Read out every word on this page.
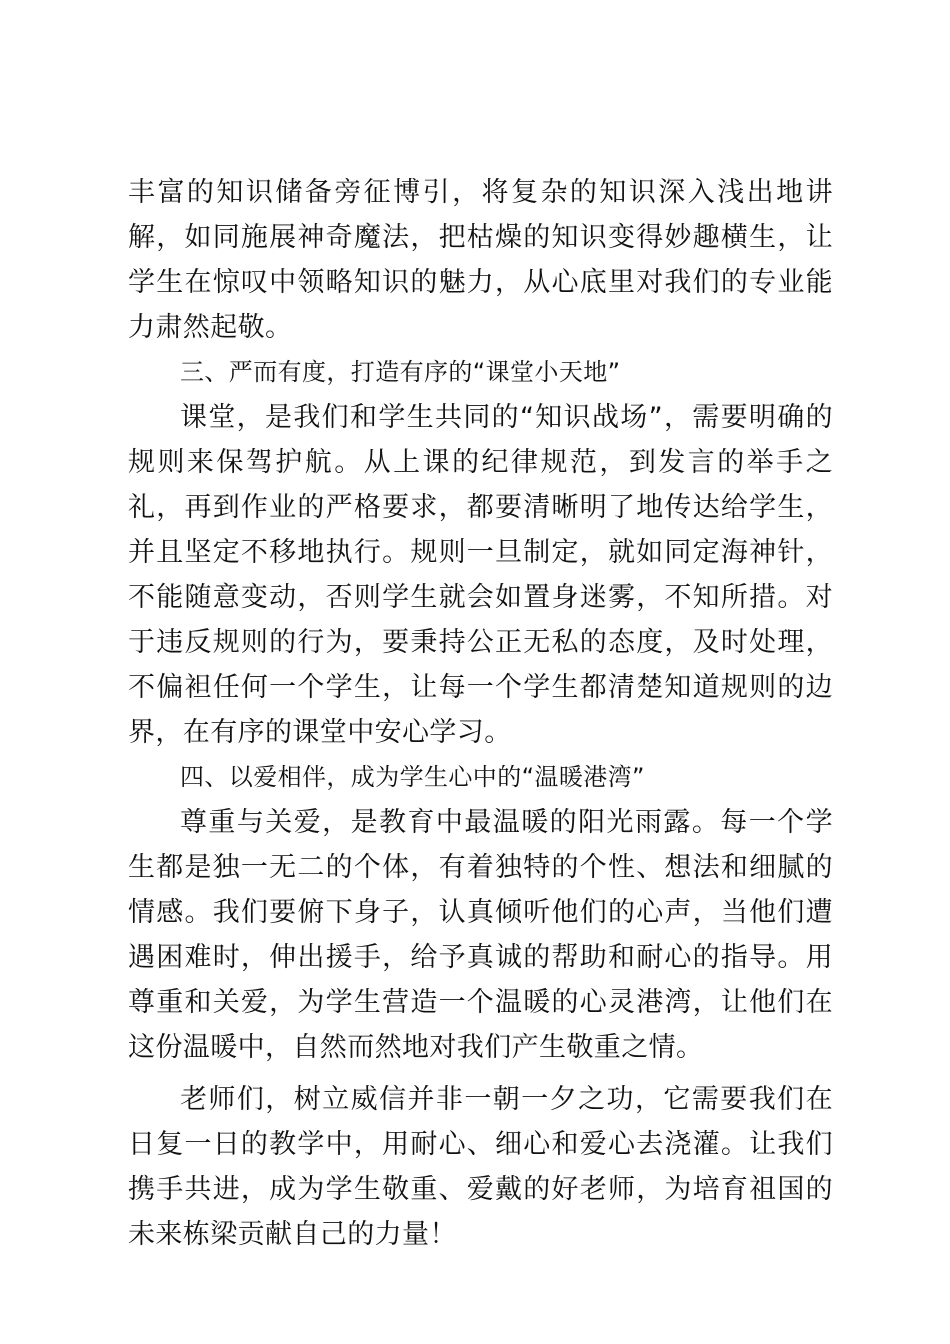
丰富的知识储备旁征博引，将复杂的知识深入浅出地讲解，如同施展神奇魔法，把枯燥的知识变得妙趣横生，让学生在惊叹中领略知识的魅力，从心底里对我们的专业能力肃然起敬。

三、严而有度，打造有序的“课堂小天地”

课堂，是我们和学生共同的“知识战场”，需要明确的规则来保驾护航。从上课的纪律规范，到发言的举手之礼，再到作业的严格要求，都要清晰明了地传达给学生，并且坚定不移地执行。规则一旦制定，就如同定海神针，不能随意变动，否则学生就会如置身迷雾，不知所措。对于违反规则的行为，要秉持公正无私的态度，及时处理，不偏袒任何一个学生，让每一个学生都清楚知道规则的边界，在有序的课堂中安心学习。

四、以爱相伴，成为学生心中的“温暖港湾”

尊重与关爱，是教育中最温暖的阳光雨露。每一个学生都是独一无二的个体，有着独特的个性、想法和细腻的情感。我们要俯下身子，认真倾听他们的心声，当他们遭遇困难时，伸出援手，给予真诚的帮助和耐心的指导。用尊重和关爱，为学生营造一个温暖的心灵港湾，让他们在这份温暖中，自然而然地对我们产生敬重之情。

老师们，树立威信并非一朝一夕之功，它需要我们在日复一日的教学中，用耐心、细心和爱心去浇灌。让我们携手共进，成为学生敬重、爱戴的好老师，为培育祖国的未来栋梁贡献自己的力量！
